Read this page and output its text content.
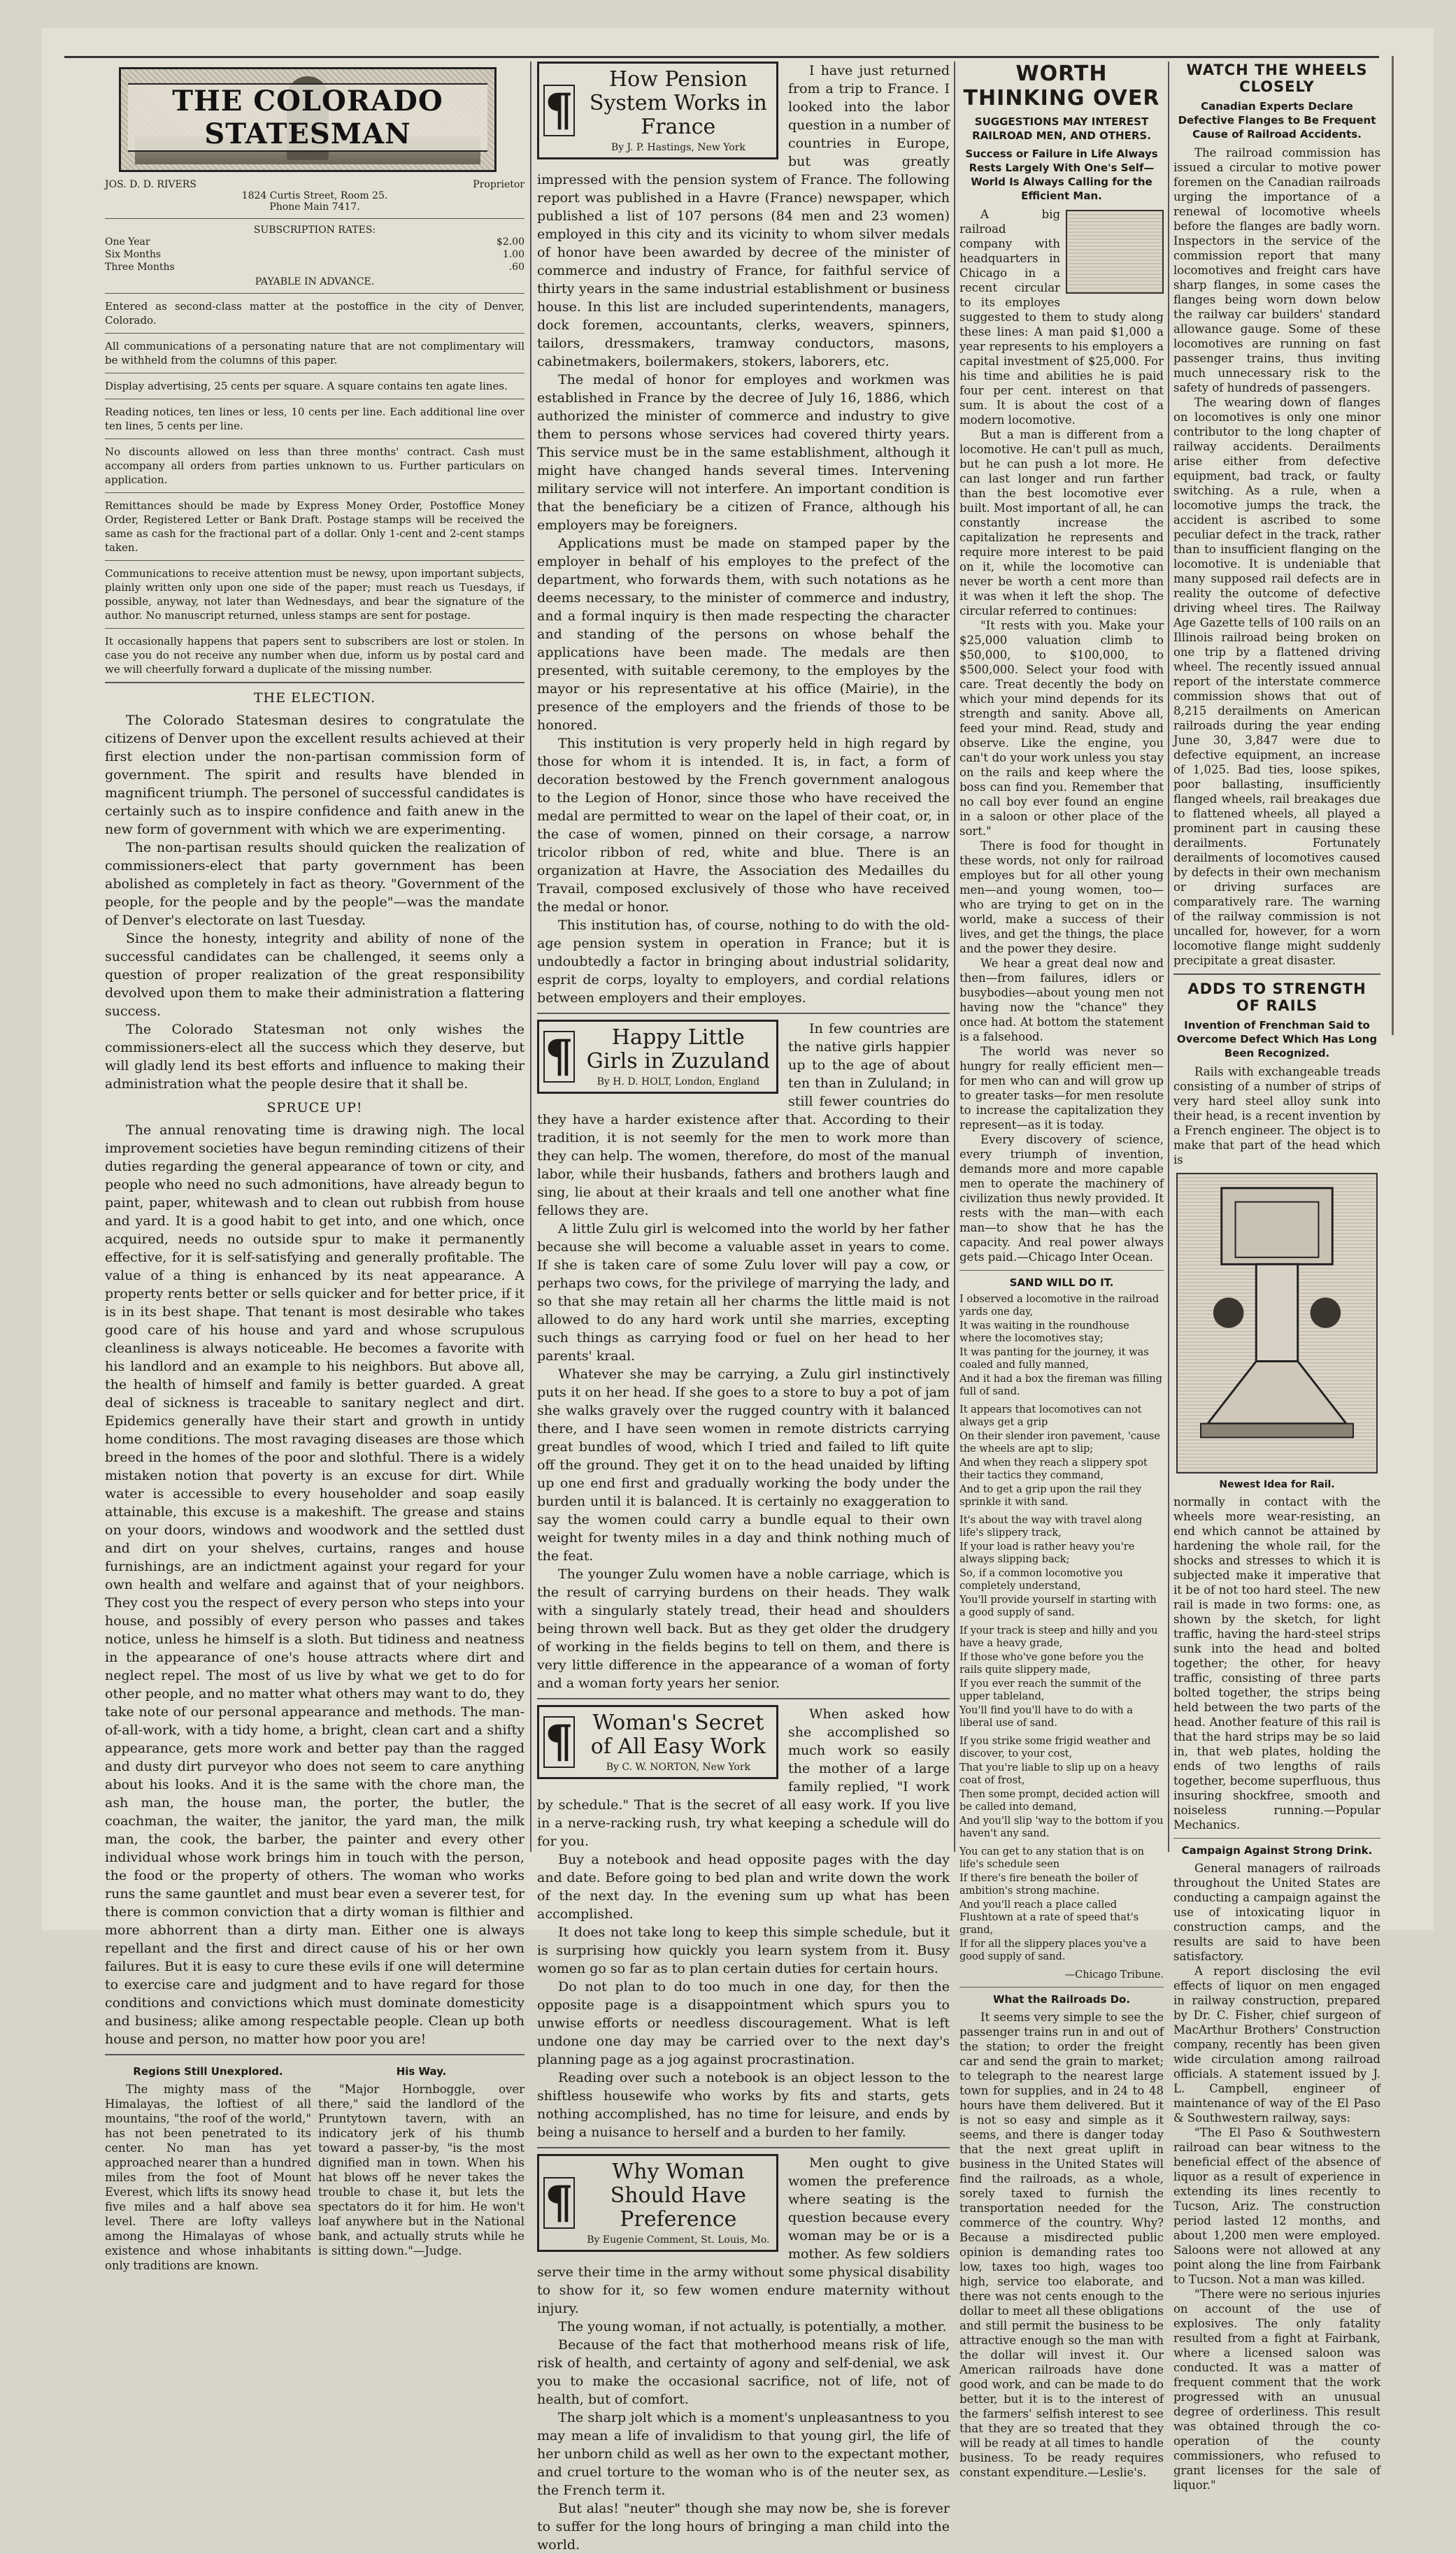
THE COLORADO STATESMAN
JOS. D. D. RIVERS	Proprietor
1824 Curtis Street, Room 25.
Phone Main 7417.
SUBSCRIPTION RATES:
One Year	$2.00
Six Months	1.00
Three Months	.60
PAYABLE IN ADVANCE.

Entered as second-class matter at the postoffice in the city of Denver, Colorado.

All communications of a personating nature that are not complimentary will be withheld from the columns of this paper.

Display advertising, 25 cents per square. A square contains ten agate lines.

Reading notices, ten lines or less, 10 cents per line. Each additional line over ten lines, 5 cents per line.

No discounts allowed on less than three months' contract. Cash must accompany all orders from parties unknown to us. Further particulars on application.

Remittances should be made by Express Money Order, Postoffice Money Order, Registered Letter or Bank Draft. Postage stamps will be received the same as cash for the fractional part of a dollar. Only 1-cent and 2-cent stamps taken.

Communications to receive attention must be newsy, upon important subjects, plainly written only upon one side of the paper; must reach us Tuesdays, if possible, anyway, not later than Wednesdays, and bear the signature of the author. No manuscript returned, unless stamps are sent for postage.

It occasionally happens that papers sent to subscribers are lost or stolen. In case you do not receive any number when due, inform us by postal card and we will cheerfully forward a duplicate of the missing number.

THE ELECTION.

The Colorado Statesman desires to congratulate the citizens of Denver upon the excellent results achieved at their first election under the non-partisan commission form of government. The spirit and results have blended in magnificent triumph. The personel of successful candidates is certainly such as to inspire confidence and faith anew in the new form of government with which we are experimenting.

The non-partisan results should quicken the realization of commissioners-elect that party government has been abolished as completely in fact as theory. "Government of the people, for the people and by the people"—was the mandate of Denver's electorate on last Tuesday.

Since the honesty, integrity and ability of none of the successful candidates can be challenged, it seems only a question of proper realization of the great responsibility devolved upon them to make their administration a flattering success.

The Colorado Statesman not only wishes the commissioners-elect all the success which they deserve, but will gladly lend its best efforts and influence to making their administration what the people desire that it shall be.

SPRUCE UP!

The annual renovating time is drawing nigh. The local improvement societies have begun reminding citizens of their duties regarding the general appearance of town or city, and people who need no such admonitions, have already begun to paint, paper, whitewash and to clean out rubbish from house and yard. It is a good habit to get into, and one which, once acquired, needs no outside spur to make it permanently effective, for it is self-satisfying and generally profitable. The value of a thing is enhanced by its neat appearance. A property rents better or sells quicker and for better price, if it is in its best shape. That tenant is most desirable who takes good care of his house and yard and whose scrupulous cleanliness is always noticeable. He becomes a favorite with his landlord and an example to his neighbors. But above all, the health of himself and family is better guarded. A great deal of sickness is traceable to sanitary neglect and dirt. Epidemics generally have their start and growth in untidy home conditions. The most ravaging diseases are those which breed in the homes of the poor and slothful. There is a widely mistaken notion that poverty is an excuse for dirt. While water is accessible to every householder and soap easily attainable, this excuse is a makeshift. The grease and stains on your doors, windows and woodwork and the settled dust and dirt on your shelves, curtains, ranges and house furnishings, are an indictment against your regard for your own health and welfare and against that of your neighbors. They cost you the respect of every person who steps into your house, and possibly of every person who passes and takes notice, unless he himself is a sloth. But tidiness and neatness in the appearance of one's house attracts where dirt and neglect repel. The most of us live by what we get to do for other people, and no matter what others may want to do, they take note of our personal appearance and methods. The man-of-all-work, with a tidy home, a bright, clean cart and a shifty appearance, gets more work and better pay than the ragged and dusty dirt purveyor who does not seem to care anything about his looks. And it is the same with the chore man, the ash man, the house man, the porter, the butler, the coachman, the waiter, the janitor, the yard man, the milk man, the cook, the barber, the painter and every other individual whose work brings him in touch with the person, the food or the property of others. The woman who works runs the same gauntlet and must bear even a severer test, for there is common conviction that a dirty woman is filthier and more abhorrent than a dirty man. Either one is always repellant and the first and direct cause of his or her own failures. But it is easy to cure these evils if one will determine to exercise care and judgment and to have regard for those conditions and convictions which must dominate domesticity and business; alike among respectable people. Clean up both house and person, no matter how poor you are!

Regions Still Unexplored.

The mighty mass of the Himalayas, the loftiest of all mountains, "the roof of the world," has not been penetrated to its center. No man has yet approached nearer than a hundred miles from the foot of Mount Everest, which lifts its snowy head five miles and a half above sea level. There are lofty valleys among the Himalayas of whose existence and whose inhabitants only traditions are known.

His Way.

"Major Hornboggle, over there," said the landlord of the Pruntytown tavern, with an indicatory jerk of his thumb toward a passer-by, "is the most dignified man in town. When his hat blows off he never takes the trouble to chase it, but lets the spectators do it for him. He won't loaf anywhere but in the National bank, and actually struts while he is sitting down."—Judge.

¶
How Pension System Works in France
By J. P. Hastings, New York

I have just returned from a trip to France. I looked into the labor question in a number of countries in Europe, but was greatly impressed with the pension system of France. The following report was published in a Havre (France) newspaper, which published a list of 107 persons (84 men and 23 women) employed in this city and its vicinity to whom silver medals of honor have been awarded by decree of the minister of commerce and industry of France, for faithful service of thirty years in the same industrial establishment or business house. In this list are included superintendents, managers, dock foremen, accountants, clerks, weavers, spinners, tailors, dressmakers, tramway conductors, masons, cabinetmakers, boilermakers, stokers, laborers, etc.

The medal of honor for employes and workmen was established in France by the decree of July 16, 1886, which authorized the minister of commerce and industry to give them to persons whose services had covered thirty years. This service must be in the same establishment, although it might have changed hands several times. Intervening military service will not interfere. An important condition is that the beneficiary be a citizen of France, although his employers may be foreigners.

Applications must be made on stamped paper by the employer in behalf of his employes to the prefect of the department, who forwards them, with such notations as he deems necessary, to the minister of commerce and industry, and a formal inquiry is then made respecting the character and standing of the persons on whose behalf the applications have been made. The medals are then presented, with suitable ceremony, to the employes by the mayor or his representative at his office (Mairie), in the presence of the employers and the friends of those to be honored.

This institution is very properly held in high regard by those for whom it is intended. It is, in fact, a form of decoration bestowed by the French government analogous to the Legion of Honor, since those who have received the medal are permitted to wear on the lapel of their coat, or, in the case of women, pinned on their corsage, a narrow tricolor ribbon of red, white and blue. There is an organization at Havre, the Association des Medailles du Travail, composed exclusively of those who have received the medal or honor.

This institution has, of course, nothing to do with the old-age pension system in operation in France; but it is undoubtedly a factor in bringing about industrial solidarity, esprit de corps, loyalty to employers, and cordial relations between employers and their employes.

¶	Happy Little Girls in Zuzuland
By H. D. HOLT, London, England

In few countries are the native girls happier up to the age of about ten than in Zululand; in still fewer countries do they have a harder existence after that. According to their tradition, it is not seemly for the men to work more than they can help. The women, therefore, do most of the manual labor, while their husbands, fathers and brothers laugh and sing, lie about at their kraals and tell one another what fine fellows they are.

A little Zulu girl is welcomed into the world by her father because she will become a valuable asset in years to come. If she is taken care of some Zulu lover will pay a cow, or perhaps two cows, for the privilege of marrying the lady, and so that she may retain all her charms the little maid is not allowed to do any hard work until she marries, excepting such things as carrying food or fuel on her head to her parents' kraal.

Whatever she may be carrying, a Zulu girl instinctively puts it on her head. If she goes to a store to buy a pot of jam she walks gravely over the rugged country with it balanced there, and I have seen women in remote districts carrying great bundles of wood, which I tried and failed to lift quite off the ground. They get it on to the head unaided by lifting up one end first and gradually working the body under the burden until it is balanced. It is certainly no exaggeration to say the women could carry a bundle equal to their own weight for twenty miles in a day and think nothing much of the feat.

The younger Zulu women have a noble carriage, which is the result of carrying burdens on their heads. They walk with a singularly stately tread, their head and shoulders being thrown well back. But as they get older the drudgery of working in the fields begins to tell on them, and there is very little difference in the appearance of a woman of forty and a woman forty years her senior.

¶ Woman's Secret of All Easy Work
By C. W. NORTON, New York

When asked how she accomplished so much work so easily the mother of a large family replied, "I work by schedule." That is the secret of all easy work. If you live in a nerve-racking rush, try what keeping a schedule will do for you.

Buy a notebook and head opposite pages with the day and date. Before going to bed plan and write down the work of the next day. In the evening sum up what has been accomplished.

It does not take long to keep this simple schedule, but it is surprising how quickly you learn system from it. Busy women go so far as to plan certain duties for certain hours.

Do not plan to do too much in one day, for then the opposite page is a disappointment which spurs you to unwise efforts or needless discouragement. What is left undone one day may be carried over to the next day's planning page as a jog against procrastination.

Reading over such a notebook is an object lesson to the shiftless housewife who works by fits and starts, gets nothing accomplished, has no time for leisure, and ends by being a nuisance to herself and a burden to her family.

¶
Why Woman Should Have Preference
By Eugenie Comment, St. Louis, Mo.

Men ought to give women the preference where seating is the question because every woman may be or is a mother. As few soldiers serve their time in the army without some physical disability to show for it, so few women endure maternity without injury.

The young woman, if not actually, is potentially, a mother.

Because of the fact that motherhood means risk of life, risk of health, and certainty of agony and self-denial, we ask you to make the occasional sacrifice, not of life, not of health, but of comfort.

The sharp jolt which is a moment's unpleasantness to you may mean a life of invalidism to that young girl, the life of her unborn child as well as her own to the expectant mother, and cruel torture to the woman who is of the neuter sex, as the French term it.

But alas! "neuter" though she may now be, she is forever to suffer for the long hours of bringing a man child into the world.

WORTH THINKING OVER
SUGGESTIONS MAY INTEREST RAILROAD MEN, AND OTHERS.
Success or Failure in Life Always Rests Largely With One's Self—World Is Always Calling for the Efficient Man.

A big railroad company with headquarters in Chicago in a recent circular to its employes suggested to them to study along these lines: A man paid $1,000 a year represents to his employers a capital investment of $25,000. For his time and abilities he is paid four per cent. interest on that sum. It is about the cost of a modern locomotive.

But a man is different from a locomotive. He can't pull as much, but he can push a lot more. He can last longer and run farther than the best locomotive ever built. Most important of all, he can constantly increase the capitalization he represents and require more interest to be paid on it, while the locomotive can never be worth a cent more than it was when it left the shop. The circular referred to continues:

"It rests with you. Make your $25,000 valuation climb to $50,000, to $100,000, to $500,000. Select your food with care. Treat decently the body on which your mind depends for its strength and sanity. Above all, feed your mind. Read, study and observe. Like the engine, you can't do your work unless you stay on the rails and keep where the boss can find you. Remember that no call boy ever found an engine in a saloon or other place of the sort."

There is food for thought in these words, not only for railroad employes but for all other young men—and young women, too—who are trying to get on in the world, make a success of their lives, and get the things, the place and the power they desire.

We hear a great deal now and then—from failures, idlers or busybodies—about young men not having now the "chance" they once had. At bottom the statement is a falsehood.

The world was never so hungry for really efficient men—for men who can and will grow up to greater tasks—for men resolute to increase the capitalization they represent—as it is today.

Every discovery of science, every triumph of invention, demands more and more capable men to operate the machinery of civilization thus newly provided. It rests with the man—with each man—to show that he has the capacity. And real power always gets paid.—Chicago Inter Ocean.

SAND WILL DO IT.
I observed a locomotive in the railroad yards one day,
It was waiting in the roundhouse where the locomotives stay;
It was panting for the journey, it was coaled and fully manned,
And it had a box the fireman was filling full of sand.
It appears that locomotives can not always get a grip
On their slender iron pavement, 'cause the wheels are apt to slip;
And when they reach a slippery spot their tactics they command,
And to get a grip upon the rail they sprinkle it with sand.
It's about the way with travel along life's slippery track,
If your load is rather heavy you're always slipping back;
So, if a common locomotive you completely understand,
You'll provide yourself in starting with a good supply of sand.
If your track is steep and hilly and you have a heavy grade,
If those who've gone before you the rails quite slippery made,
If you ever reach the summit of the upper tableland,
You'll find you'll have to do with a liberal use of sand.
If you strike some frigid weather and discover, to your cost,
That you're liable to slip up on a heavy coat of frost,
Then some prompt, decided action will be called into demand,
And you'll slip 'way to the bottom if you haven't any sand.
You can get to any station that is on life's schedule seen
If there's fire beneath the boiler of ambition's strong machine.
And you'll reach a place called Flushtown at a rate of speed that's grand,
If for all the slippery places you've a good supply of sand.
—Chicago Tribune.
What the Railroads Do.

It seems very simple to see the passenger trains run in and out of the station; to order the freight car and send the grain to market; to telegraph to the nearest large town for supplies, and in 24 to 48 hours have them delivered. But it is not so easy and simple as it seems, and there is danger today that the next great uplift in business in the United States will find the railroads, as a whole, sorely taxed to furnish the transportation needed for the commerce of the country. Why? Because a misdirected public opinion is demanding rates too low, taxes too high, wages too high, service too elaborate, and there was not cents enough to the dollar to meet all these obligations and still permit the business to be attractive enough so the man with the dollar will invest it. Our American railroads have done good work, and can be made to do better, but it is to the interest of the farmers' selfish interest to see that they are so treated that they will be ready at all times to handle business. To be ready requires constant expenditure.—Leslie's.

WATCH THE WHEELS CLOSELY
Canadian Experts Declare Defective Flanges to Be Frequent Cause of Railroad Accidents.

The railroad commission has issued a circular to motive power foremen on the Canadian railroads urging the importance of a renewal of locomotive wheels before the flanges are badly worn. Inspectors in the service of the commission report that many locomotives and freight cars have sharp flanges, in some cases the flanges being worn down below the railway car builders' standard allowance gauge. Some of these locomotives are running on fast passenger trains, thus inviting much unnecessary risk to the safety of hundreds of passengers.

The wearing down of flanges on locomotives is only one minor contributor to the long chapter of railway accidents. Derailments arise either from defective equipment, bad track, or faulty switching. As a rule, when a locomotive jumps the track, the accident is ascribed to some peculiar defect in the track, rather than to insufficient flanging on the locomotive. It is undeniable that many supposed rail defects are in reality the outcome of defective driving wheel tires. The Railway Age Gazette tells of 100 rails on an Illinois railroad being broken on one trip by a flattened driving wheel. The recently issued annual report of the interstate commerce commission shows that out of 8,215 derailments on American railroads during the year ending June 30, 3,847 were due to defective equipment, an increase of 1,025. Bad ties, loose spikes, poor ballasting, insufficiently flanged wheels, rail breakages due to flattened wheels, all played a prominent part in causing these derailments. Fortunately derailments of locomotives caused by defects in their own mechanism or driving surfaces are comparatively rare. The warning of the railway commission is not uncalled for, however, for a worn locomotive flange might suddenly precipitate a great disaster.

ADDS TO STRENGTH OF RAILS
Invention of Frenchman Said to Overcome Defect Which Has Long Been Recognized.

Rails with exchangeable treads consisting of a number of strips of very hard steel alloy sunk into their head, is a recent invention by a French engineer. The object is to make that part of the head which is

Newest Idea for Rail.

normally in contact with the wheels more wear-resisting, an end which cannot be attained by hardening the whole rail, for the shocks and stresses to which it is subjected make it imperative that it be of not too hard steel. The new rail is made in two forms: one, as shown by the sketch, for light traffic, having the hard-steel strips sunk into the head and bolted together; the other, for heavy traffic, consisting of three parts bolted together, the strips being held between the two parts of the head. Another feature of this rail is that the hard strips may be so laid in, that web plates, holding the ends of two lengths of rails together, become superfluous, thus insuring shockfree, smooth and noiseless running.—Popular Mechanics.

Campaign Against Strong Drink.

General managers of railroads throughout the United States are conducting a campaign against the use of intoxicating liquor in construction camps, and the results are said to have been satisfactory.

A report disclosing the evil effects of liquor on men engaged in railway construction, prepared by Dr. C. Fisher, chief surgeon of MacArthur Brothers' Construction company, recently has been given wide circulation among railroad officials. A statement issued by J. L. Campbell, engineer of maintenance of way of the El Paso & Southwestern railway, says:

"The El Paso & Southwestern railroad can bear witness to the beneficial effect of the absence of liquor as a result of experience in extending its lines recently to Tucson, Ariz. The construction period lasted 12 months, and about 1,200 men were employed. Saloons were not allowed at any point along the line from Fairbank to Tucson. Not a man was killed.

"There were no serious injuries on account of the use of explosives. The only fatality resulted from a fight at Fairbank, where a licensed saloon was conducted. It was a matter of frequent comment that the work progressed with an unusual degree of orderliness. This result was obtained through the co-operation of the county commissioners, who refused to grant licenses for the sale of liquor."
